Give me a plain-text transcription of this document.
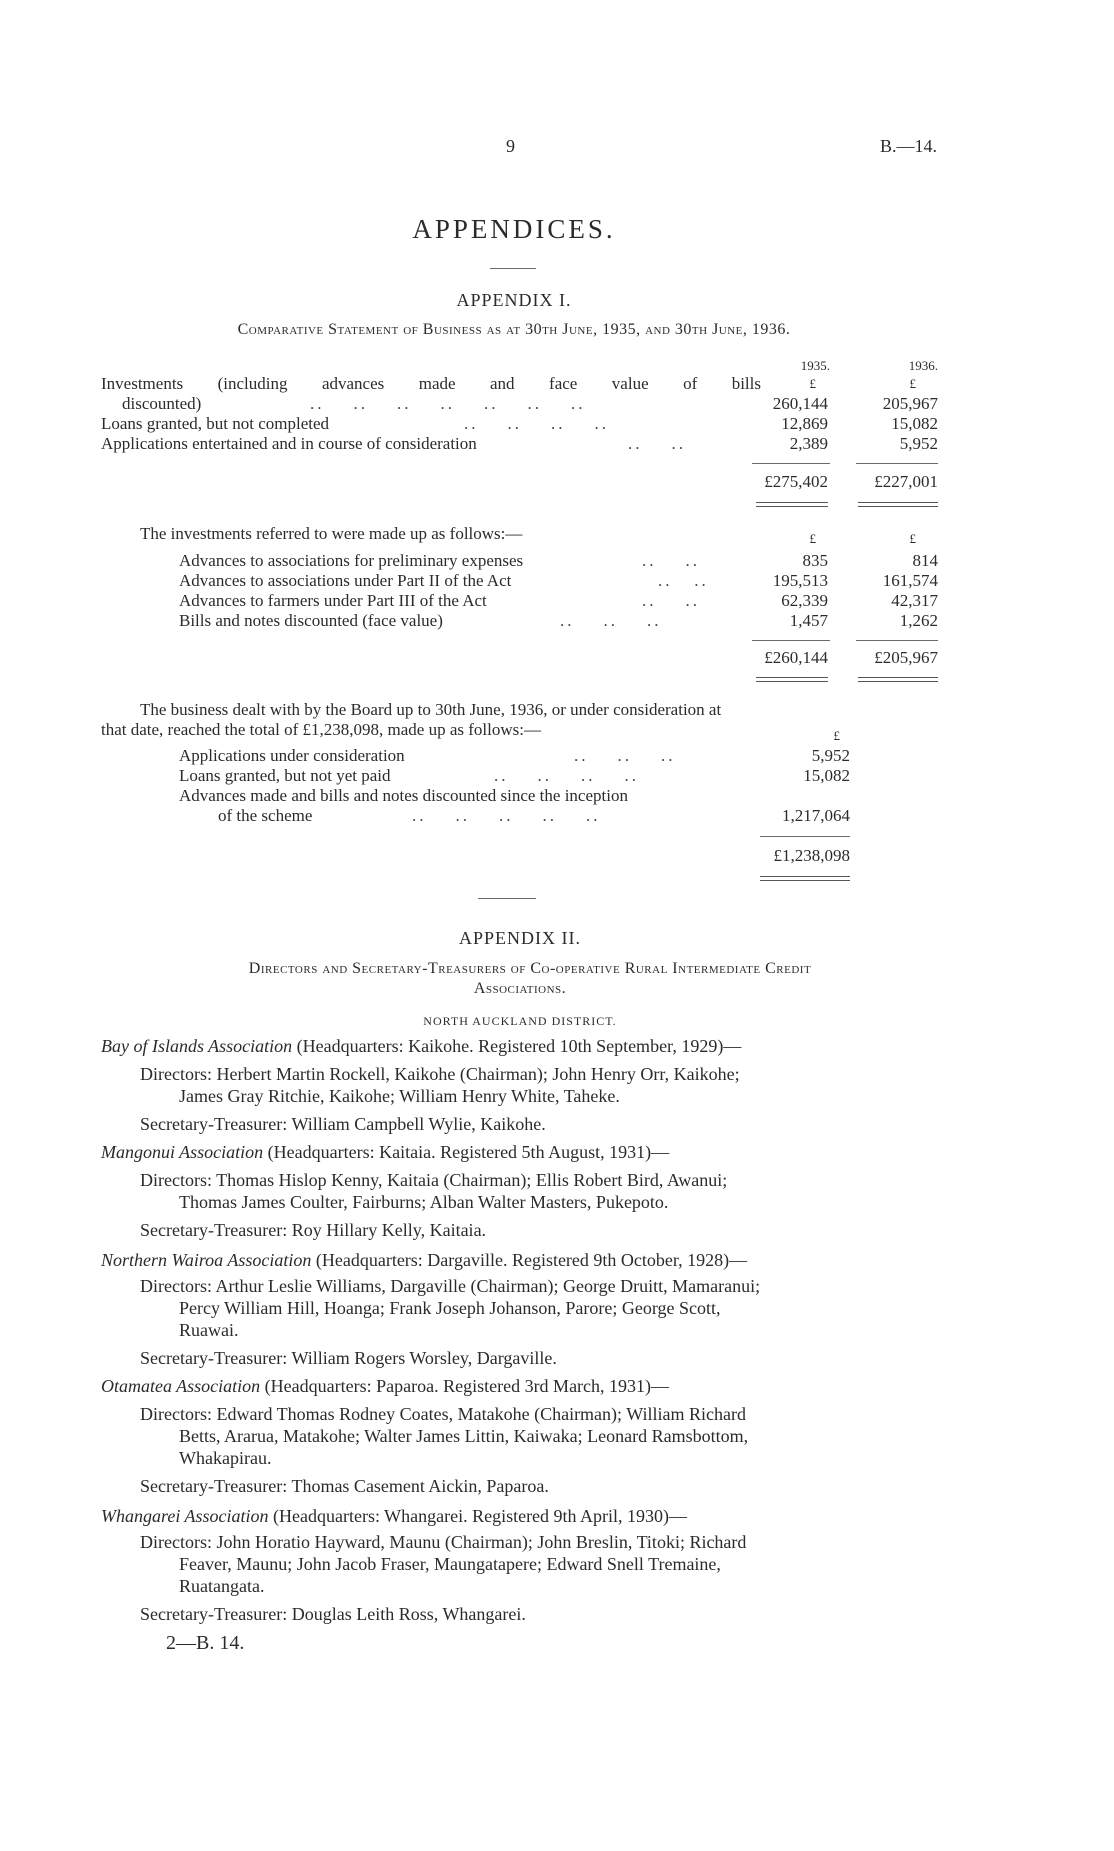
9	B.—14.
APPENDICES.
APPENDIX I.
Comparative Statement of Business as at 30th June, 1935, and 30th June, 1936.
1935.	1936.
£	£
Investments (including advances made and face value of bills
discounted)	..    ..    ..    ..    ..    ..    ..	260,144	205,967
Loans granted, but not completed	..    ..    ..    ..	12,869	15,082
Applications entertained and in course of consideration	..    ..	2,389	5,952
£275,402	£227,001
The investments referred to were made up as follows:—	£	£
Advances to associations for preliminary expenses	..    ..	835	814
Advances to associations under Part II of the Act	..   ..	195,513	161,574
Advances to farmers under Part III of the Act	..    ..	62,339	42,317
Bills and notes discounted (face value)	..    ..    ..	1,457	1,262
£260,144	£205,967
The business dealt with by the Board up to 30th June, 1936, or under consideration at
that date, reached the total of £1,238,098, made up as follows:—	£
Applications under consideration	..    ..    ..	5,952
Loans granted, but not yet paid	..    ..    ..    ..	15,082
Advances made and bills and notes discounted since the inception
of the scheme	..    ..    ..    ..    ..	1,217,064
£1,238,098
APPENDIX II.
Directors and Secretary-Treasurers of Co-operative Rural Intermediate Credit
Associations.
NORTH AUCKLAND DISTRICT.
Bay of Islands Association (Headquarters: Kaikohe. Registered 10th September, 1929)—
Directors: Herbert Martin Rockell, Kaikohe (Chairman); John Henry Orr, Kaikohe;
James Gray Ritchie, Kaikohe; William Henry White, Taheke.
Secretary-Treasurer: William Campbell Wylie, Kaikohe.
Mangonui Association (Headquarters: Kaitaia. Registered 5th August, 1931)—
Directors: Thomas Hislop Kenny, Kaitaia (Chairman); Ellis Robert Bird, Awanui;
Thomas James Coulter, Fairburns; Alban Walter Masters, Pukepoto.
Secretary-Treasurer: Roy Hillary Kelly, Kaitaia.
Northern Wairoa Association (Headquarters: Dargaville. Registered 9th October, 1928)—
Directors: Arthur Leslie Williams, Dargaville (Chairman); George Druitt, Mamaranui;
Percy William Hill, Hoanga; Frank Joseph Johanson, Parore; George Scott,
Ruawai.
Secretary-Treasurer: William Rogers Worsley, Dargaville.
Otamatea Association (Headquarters: Paparoa. Registered 3rd March, 1931)—
Directors: Edward Thomas Rodney Coates, Matakohe (Chairman); William Richard
Betts, Ararua, Matakohe; Walter James Littin, Kaiwaka; Leonard Ramsbottom,
Whakapirau.
Secretary-Treasurer: Thomas Casement Aickin, Paparoa.
Whangarei Association (Headquarters: Whangarei. Registered 9th April, 1930)—
Directors: John Horatio Hayward, Maunu (Chairman); John Breslin, Titoki; Richard
Feaver, Maunu; John Jacob Fraser, Maungatapere; Edward Snell Tremaine,
Ruatangata.
Secretary-Treasurer: Douglas Leith Ross, Whangarei.
2—B. 14.
